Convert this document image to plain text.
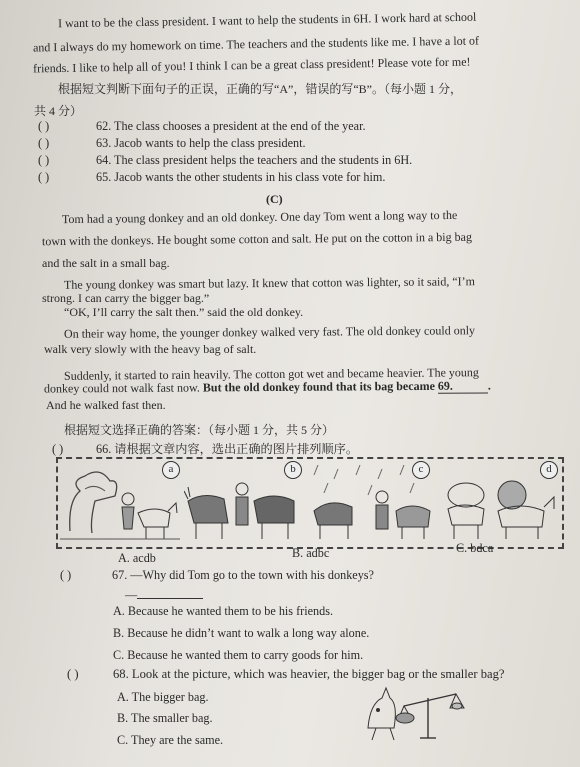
I want to be the class president. I want to help the students in 6H. I work hard at school
and I always do my homework on time. The teachers and the students like me. I have a lot of
friends. I like to help all of you! I think I can be a great class president! Please vote for me!
根据短文判断下面句子的正误，正确的写“A”，错误的写“B”。（每小题 1 分，
共 4 分）
( )	62. The class chooses a president at the end of the year.
( )	63. Jacob wants to help the class president.
( )	64. The class president helps the teachers and the students in 6H.
( )	65. Jacob wants the other students in his class vote for him.
(C)
Tom had a young donkey and an old donkey. One day Tom went a long way to the
town with the donkeys. He bought some cotton and salt. He put on the cotton in a big bag
and the salt in a small bag.
The young donkey was smart but lazy. It knew that cotton was lighter, so it said, “I’m
strong. I can carry the bigger bag.”
“OK, I’ll carry the salt then.” said the old donkey.
On their way home, the younger donkey walked very fast. The old donkey could only
walk very slowly with the heavy bag of salt.
Suddenly, it started to rain heavily. The cotton got wet and became heavier. The young
donkey could not walk fast now. But the old donkey found that its bag became 69.	.
And he walked fast then.
根据短文选择正确的答案：（每小题 1 分，共 5 分）
( )	66. 请根据文章内容，选出正确的图片排列顺序。
a	b	c	d
A. acdb	B. adbc	C. bdca
( )	67. —Why did Tom go to the town with his donkeys?
—
A. Because he wanted them to be his friends.
B. Because he didn’t want to walk a long way alone.
C. Because he wanted them to carry goods for him.
( )	68. Look at the picture, which was heavier, the bigger bag or the smaller bag?
A. The bigger bag.
B. The smaller bag.
C. They are the same.
